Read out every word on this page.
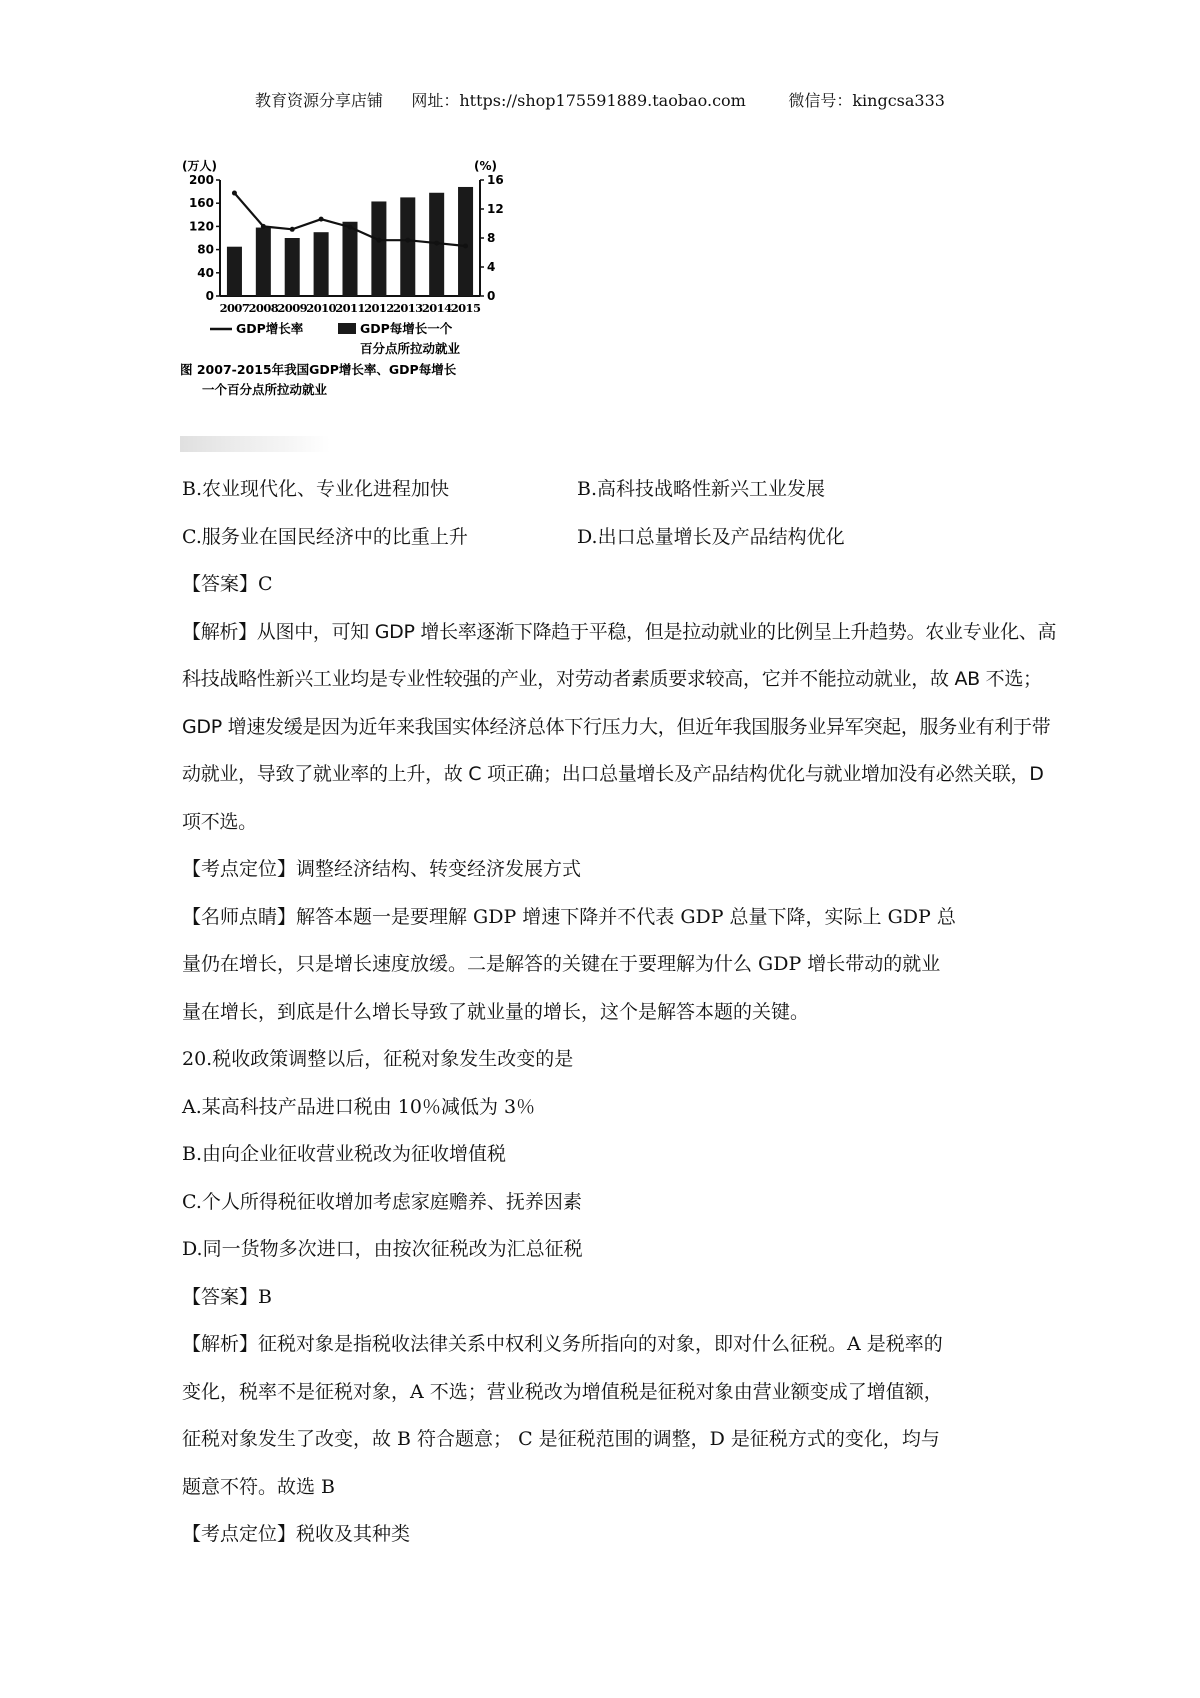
教育资源分享店铺 网址：https://shop175591889.taobao.com	微信号：kingcsa333
(万人)	(%)
0
40
80
120
160
200
0
4
8
12
16
2007 2008 2009 2010 2011 2012 2013 2014 2015
GDP增长率	GDP每增长一个
百分点所拉动就业
图 2007-2015年我国GDP增长率、GDP每增长
一个百分点所拉动就业
B.农业现代化、专业化进程加快	B.高科技战略性新兴工业发展
C.服务业在国民经济中的比重上升	D.出口总量增长及产品结构优化
【答案】C
【解析】从图中，可知 GDP 增长率逐渐下降趋于平稳，但是拉动就业的比例呈上升趋势。农业专业化、高
科技战略性新兴工业均是专业性较强的产业，对劳动者素质要求较高，它并不能拉动就业，故 AB 不选；
GDP 增速发缓是因为近年来我国实体经济总体下行压力大，但近年我国服务业异军突起，服务业有利于带
动就业，导致了就业率的上升，故 C 项正确；出口总量增长及产品结构优化与就业增加没有必然关联，D
项不选。
【考点定位】调整经济结构、转变经济发展方式
【名师点睛】解答本题一是要理解 GDP 增速下降并不代表 GDP 总量下降，实际上 GDP 总
量仍在增长，只是增长速度放缓。二是解答的关键在于要理解为什么 GDP 增长带动的就业
量在增长，到底是什么增长导致了就业量的增长，这个是解答本题的关键。
20.税收政策调整以后，征税对象发生改变的是
A.某高科技产品进口税由 10％减低为 3％
B.由向企业征收营业税改为征收增值税
C.个人所得税征收增加考虑家庭赡养、抚养因素
D.同一货物多次进口，由按次征税改为汇总征税
【答案】B
【解析】征税对象是指税收法律关系中权利义务所指向的对象，即对什么征税。A 是税率的
变化，税率不是征税对象，A 不选；营业税改为增值税是征税对象由营业额变成了增值额，
征税对象发生了改变，故 B 符合题意； C 是征税范围的调整，D 是征税方式的变化，均与
题意不符。故选 B
【考点定位】税收及其种类
